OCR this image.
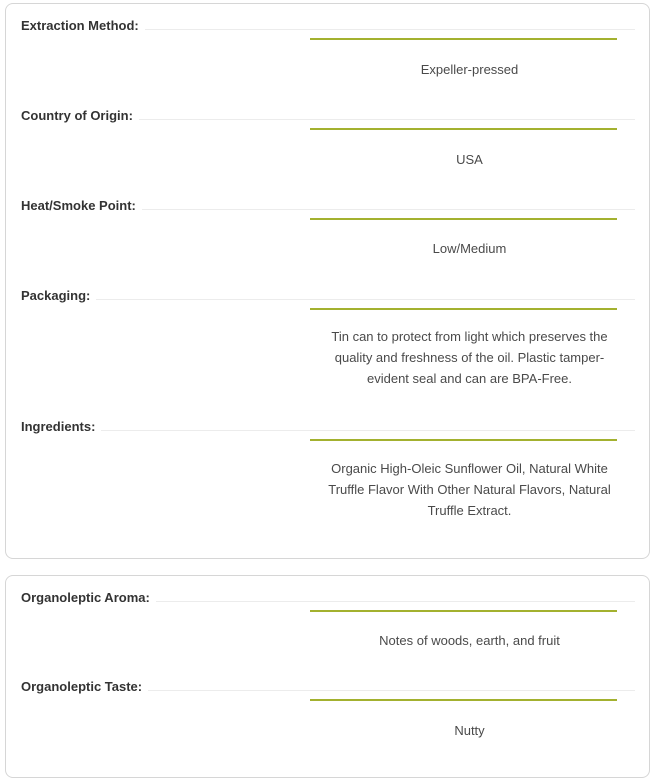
Extraction Method:
Expeller-pressed
Country of Origin:
USA
Heat/Smoke Point:
Low/Medium
Packaging:
Tin can to protect from light which preserves the quality and freshness of the oil. Plastic tamper-evident seal and can are BPA-Free.
Ingredients:
Organic High-Oleic Sunflower Oil, Natural White Truffle Flavor With Other Natural Flavors, Natural Truffle Extract.
Organoleptic Aroma:
Notes of woods, earth, and fruit
Organoleptic Taste:
Nutty
